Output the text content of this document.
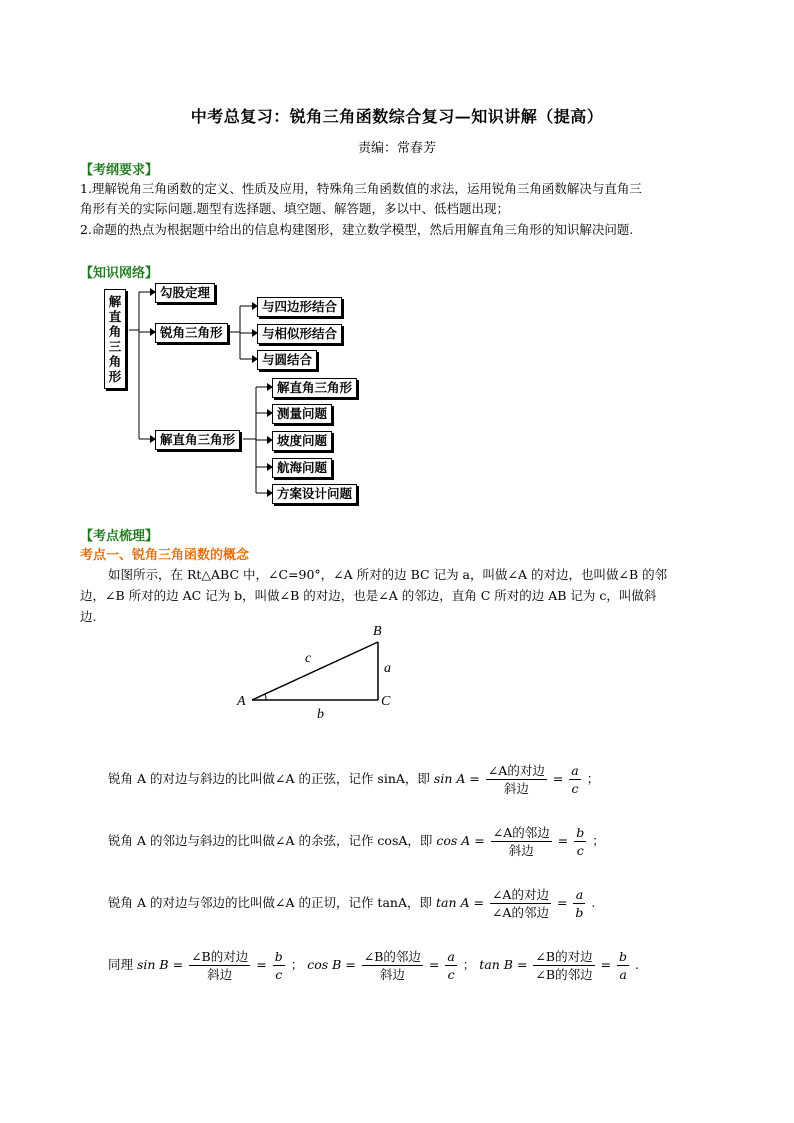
中考总复习：锐角三角函数综合复习—知识讲解（提高）
责编：常春芳
【考纲要求】
1.理解锐角三角函数的定义、性质及应用，特殊角三角函数值的求法，运用锐角三角函数解决与直角三
角形有关的实际问题.题型有选择题、填空题、解答题，多以中、低档题出现；
2.命题的热点为根据题中给出的信息构建图形，建立数学模型，然后用解直角三角形的知识解决问题.
【知识网络】
解
直
角
三
角
形
勾股定理
锐角三角形
解直角三角形
与四边形结合
与相似形结合
与圆结合
解直角三角形
测量问题
坡度问题
航海问题
方案设计问题
【考点梳理】
考点一、锐角三角函数的概念
如图所示，在 Rt△ABC 中，∠C=90°，∠A 所对的边 BC 记为 a，叫做∠A 的对边，也叫做∠B 的邻
边，∠B 所对的边 AC 记为 b，叫做∠B 的对边，也是∠A 的邻边，直角 C 所对的边 AB 记为 c，叫做斜
边.
A
B
C
a
b
c
锐角 A 的对边与斜边的比叫做∠A 的正弦，记作 sinA，即 $\sin A = \frac{\text{∠A的对边}}{\text{斜边}} = \frac{a}{c}$ ；
锐角 A 的邻边与斜边的比叫做∠A 的余弦，记作 cosA，即 $\cos A = \frac{\text{∠A的邻边}}{\text{斜边}} = \frac{b}{c}$ ；
锐角 A 的对边与邻边的比叫做∠A 的正切，记作 tanA，即 $\tan A = \frac{\text{∠A的对边}}{\text{∠A的邻边}} = \frac{a}{b}$ .
同理 $\sin B = \frac{\text{∠B的对边}}{\text{斜边}} = \frac{b}{c}$ ； $\cos B = \frac{\text{∠B的邻边}}{\text{斜边}} = \frac{a}{c}$ ； $\tan B = \frac{\text{∠B的对边}}{\text{∠B的邻边}} = \frac{b}{a}$ .
